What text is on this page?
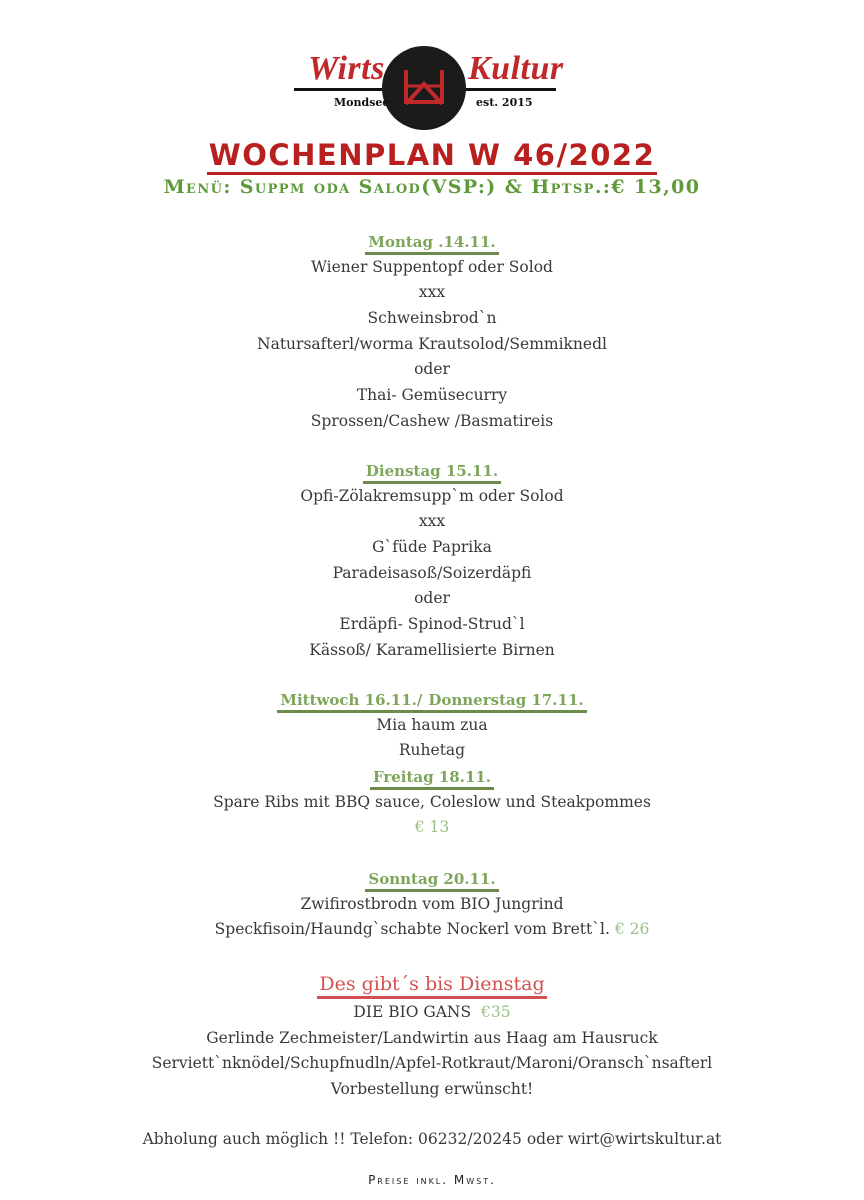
Wirts Kultur
Mondsee	est. 2015
WOCHENPLAN W 46/2022
Menü: Suppm oda Salod(VSP:) & Hptsp.:€ 13,00
Montag .14.11.
Wiener Suppentopf oder Solod
xxx
Schweinsbrod`n
Natursafterl/worma Krautsolod/Semmiknedl
oder
Thai- Gemüsecurry
Sprossen/Cashew /Basmatireis
Dienstag 15.11.
Opfi-Zölakremsupp`m oder Solod
xxx
G`füde Paprika
Paradeisasoß/Soizerdäpfi
oder
Erdäpfi- Spinod-Strud`l
Kässoß/ Karamellisierte Birnen
Mittwoch 16.11./ Donnerstag 17.11.
Mia haum zua
Ruhetag
Freitag 18.11.
Spare Ribs mit BBQ sauce, Coleslow und Steakpommes
€ 13
Sonntag 20.11.
Zwifirostbrodn vom BIO Jungrind
Speckfisoin/Haundg`schabte Nockerl vom Brett`l. € 26
Des gibt´s bis Dienstag
DIE BIO GANS €35
Gerlinde Zechmeister/Landwirtin aus Haag am Hausruck
Serviett`nknödel/Schupfnudln/Apfel-Rotkraut/Maroni/Oransch`nsafterl
Vorbestellung erwünscht!
Abholung auch möglich !! Telefon: 06232/20245 oder wirt@wirtskultur.at
Preise inkl. Mwst.
